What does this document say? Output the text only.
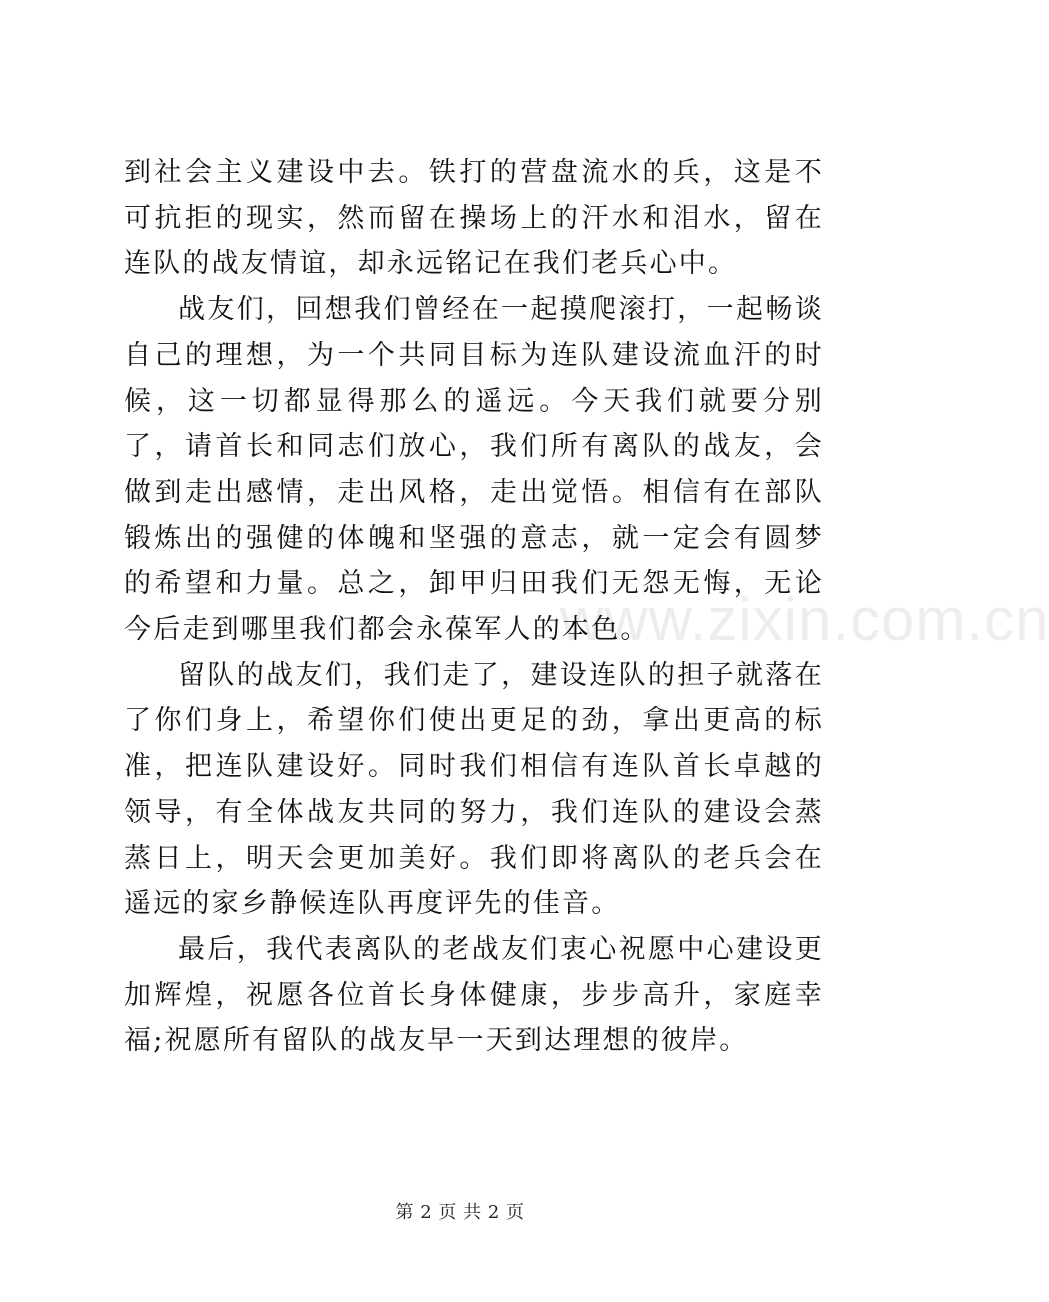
到社会主义建设中去。铁打的营盘流水的兵，这是不可抗拒的现实，然而留在操场上的汗水和泪水，留在连队的战友情谊，却永远铭记在我们老兵心中。

战友们，回想我们曾经在一起摸爬滚打，一起畅谈自己的理想，为一个共同目标为连队建设流血汗的时候，这一切都显得那么的遥远。今天我们就要分别了，请首长和同志们放心，我们所有离队的战友，会做到走出感情，走出风格，走出觉悟。相信有在部队锻炼出的强健的体魄和坚强的意志，就一定会有圆梦的希望和力量。总之，卸甲归田我们无怨无悔，无论今后走到哪里我们都会永葆军人的本色。

留队的战友们，我们走了，建设连队的担子就落在了你们身上，希望你们使出更足的劲，拿出更高的标准，把连队建设好。同时我们相信有连队首长卓越的领导，有全体战友共同的努力，我们连队的建设会蒸蒸日上，明天会更加美好。我们即将离队的老兵会在遥远的家乡静候连队再度评先的佳音。

最后，我代表离队的老战友们衷心祝愿中心建设更加辉煌，祝愿各位首长身体健康，步步高升，家庭幸福;祝愿所有留队的战友早一天到达理想的彼岸。

www.zixin.com.cn
第 2 页 共 2 页
